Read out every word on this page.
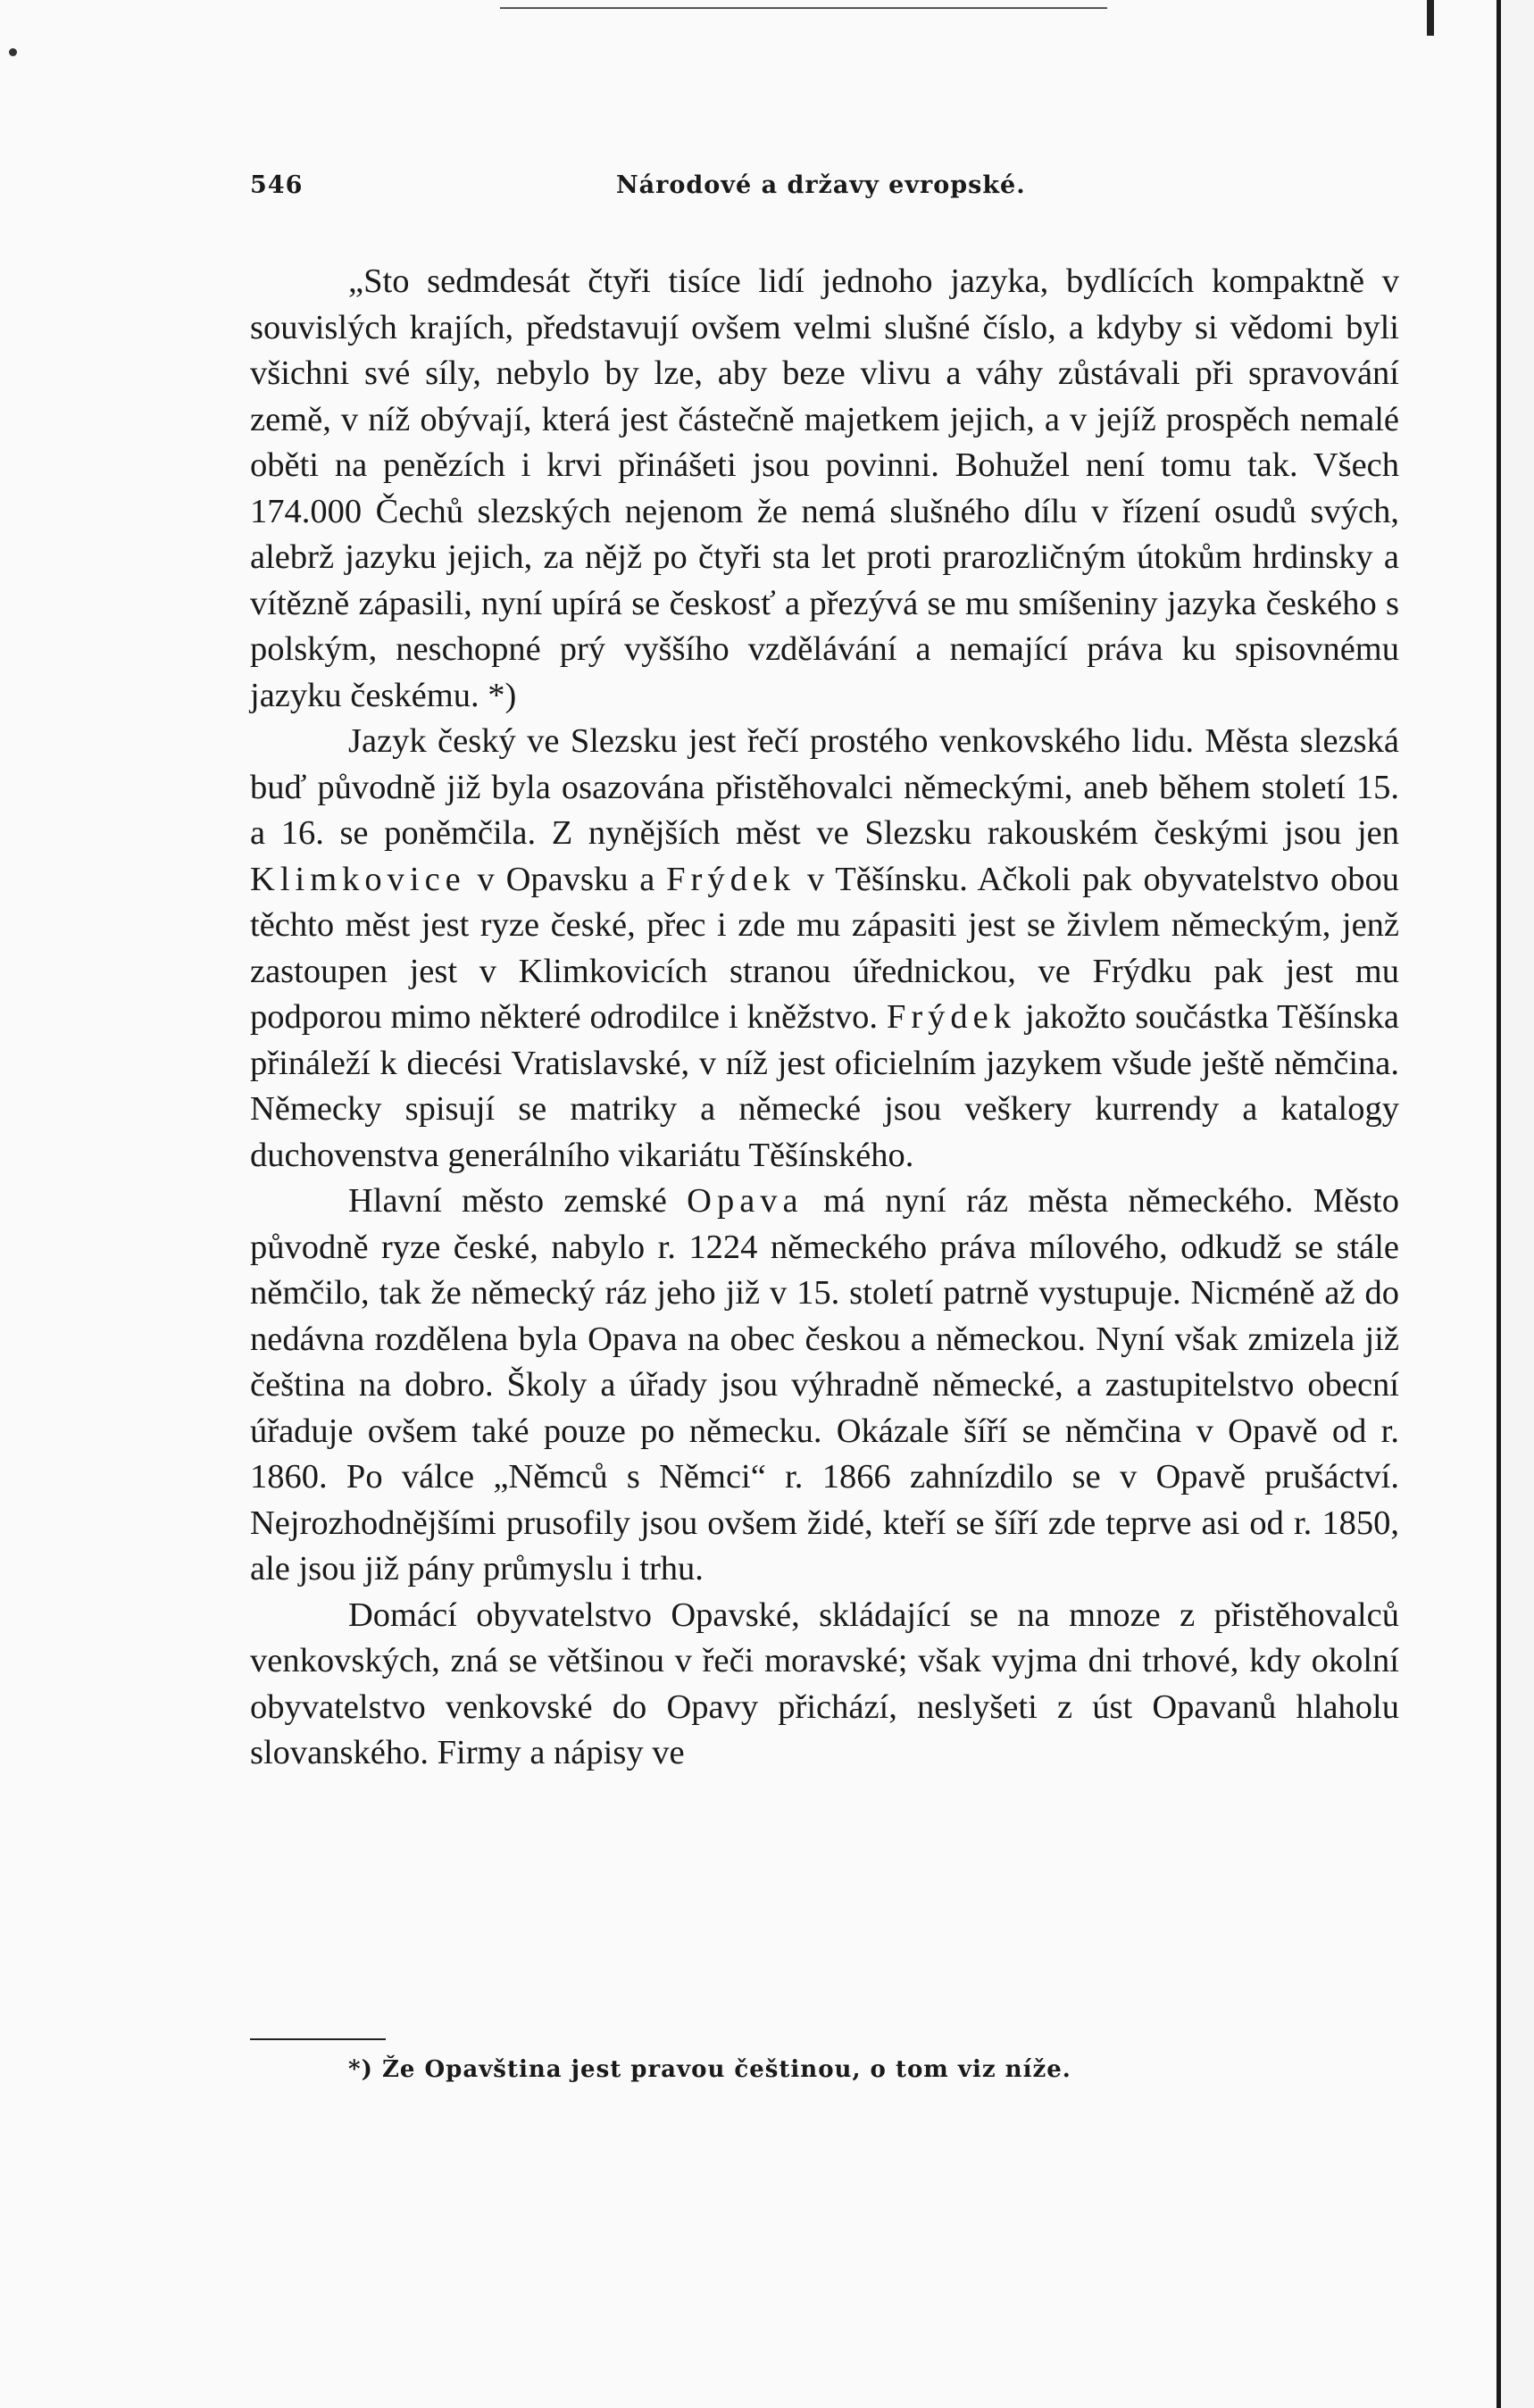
546	Národové a državy evropské.

„Sto sedmdesát čtyři tisíce lidí jednoho jazyka, bydlících kompaktně v souvislých krajích, představují ovšem velmi slušné číslo, a kdyby si vědomi byli všichni své síly, nebylo by lze, aby beze vlivu a váhy zůstávali při spravování země, v níž obývají, která jest částečně majetkem jejich, a v jejíž prospěch nemalé oběti na penězích i krvi přinášeti jsou povinni. Bohužel není tomu tak. Všech 174.000 Čechů slezských nejenom že nemá slušného dílu v řízení osudů svých, alebrž jazyku jejich, za nějž po čtyři sta let proti prarozličným útokům hrdinsky a vítězně zápasili, nyní upírá se českosť a přezývá se mu smíšeniny jazyka českého s polským, neschopné prý vyššího vzdělávání a nemající práva ku spisovnému jazyku českému. *)

Jazyk český ve Slezsku jest řečí prostého venkovského lidu. Města slezská buď původně již byla osazována přistěhovalci německými, aneb během století 15. a 16. se poněmčila. Z nynějších měst ve Slezsku rakouském českými jsou jen Klimkovice v Opavsku a Frýdek v Těšínsku. Ačkoli pak obyvatelstvo obou těchto měst jest ryze české, přec i zde mu zápasiti jest se živlem německým, jenž zastoupen jest v Klimkovicích stranou úřednickou, ve Frýdku pak jest mu podporou mimo některé odrodilce i kněžstvo. Frýdek jakožto součástka Těšínska přináleží k diecési Vratislavské, v níž jest oficielním jazykem všude ještě němčina. Německy spisují se matriky a německé jsou veškery kurrendy a katalogy duchovenstva generálního vikariátu Těšínského.

Hlavní město zemské Opava má nyní ráz města německého. Město původně ryze české, nabylo r. 1224 německého práva mílového, odkudž se stále němčilo, tak že německý ráz jeho již v 15. století patrně vystupuje. Nicméně až do nedávna rozdělena byla Opava na obec českou a německou. Nyní však zmizela již čeština na dobro. Školy a úřady jsou výhradně německé, a zastupitelstvo obecní úřaduje ovšem také pouze po německu. Okázale šíří se němčina v Opavě od r. 1860. Po válce „Němců s Němci“ r. 1866 zahnízdilo se v Opavě prušáctví. Nejrozhodnějšími prusofily jsou ovšem židé, kteří se šíří zde teprve asi od r. 1850, ale jsou již pány průmyslu i trhu.

Domácí obyvatelstvo Opavské, skládající se na mnoze z přistěhovalců venkovských, zná se většinou v řeči moravské; však vyjma dni trhové, kdy okolní obyvatelstvo venkovské do Opavy přichází, neslyšeti z úst Opavanů hlaholu slovanského. Firmy a nápisy ve

*) Že Opavština jest pravou češtinou, o tom viz níže.
